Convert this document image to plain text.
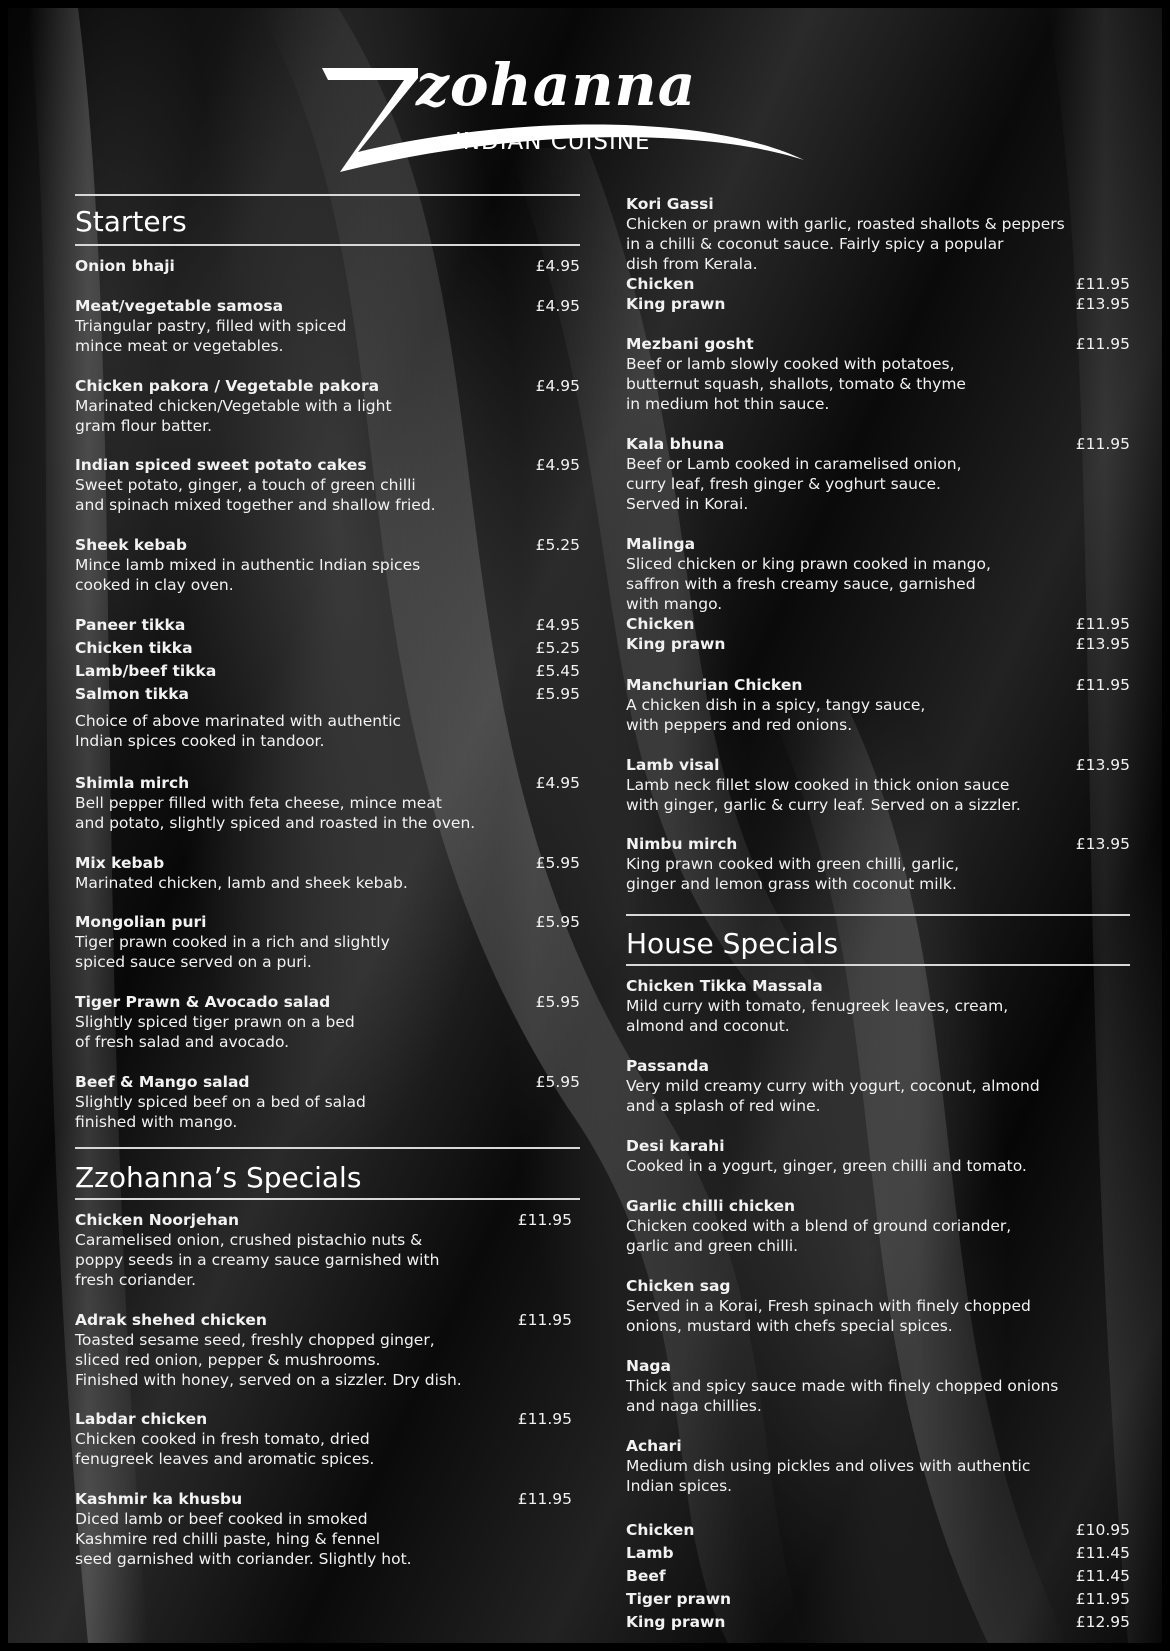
zohanna
INDIAN CUISINE
Starters
Onion bhaji	£4.95
Meat/vegetable samosa	£4.95
Triangular pastry, filled with spiced
mince meat or vegetables.
Chicken pakora / Vegetable pakora	£4.95
Marinated chicken/Vegetable with a light
gram flour batter.
Indian spiced sweet potato cakes	£4.95
Sweet potato, ginger, a touch of green chilli
and spinach mixed together and shallow fried.
Sheek kebab	£5.25
Mince lamb mixed in authentic Indian spices
cooked in clay oven.
Paneer tikka	£4.95
Chicken tikka	£5.25
Lamb/beef tikka	£5.45
Salmon tikka	£5.95
Choice of above marinated with authentic
Indian spices cooked in tandoor.
Shimla mirch	£4.95
Bell pepper filled with feta cheese, mince meat
and potato, slightly spiced and roasted in the oven.
Mix kebab	£5.95
Marinated chicken, lamb and sheek kebab.
Mongolian puri	£5.95
Tiger prawn cooked in a rich and slightly
spiced sauce served on a puri.
Tiger Prawn & Avocado salad	£5.95
Slightly spiced tiger prawn on a bed
of fresh salad and avocado.
Beef & Mango salad	£5.95
Slightly spiced beef on a bed of salad
finished with mango.
Zzohanna’s Specials
Chicken Noorjehan	£11.95
Caramelised onion, crushed pistachio nuts &
poppy seeds in a creamy sauce garnished with
fresh coriander.
Adrak shehed chicken	£11.95
Toasted sesame seed, freshly chopped ginger,
sliced red onion, pepper & mushrooms.
Finished with honey, served on a sizzler. Dry dish.
Labdar chicken	£11.95
Chicken cooked in fresh tomato, dried
fenugreek leaves and aromatic spices.
Kashmir ka khusbu	£11.95
Diced lamb or beef cooked in smoked
Kashmire red chilli paste, hing & fennel
seed garnished with coriander. Slightly hot.
Kori Gassi
Chicken or prawn with garlic, roasted shallots & peppers
in a chilli & coconut sauce. Fairly spicy a popular
dish from Kerala.
Chicken	£11.95
King prawn	£13.95
Mezbani gosht	£11.95
Beef or lamb slowly cooked with potatoes,
butternut squash, shallots, tomato & thyme
in medium hot thin sauce.
Kala bhuna	£11.95
Beef or Lamb cooked in caramelised onion,
curry leaf, fresh ginger & yoghurt sauce.
Served in Korai.
Malinga
Sliced chicken or king prawn cooked in mango,
saffron with a fresh creamy sauce, garnished
with mango.
Chicken	£11.95
King prawn	£13.95
Manchurian Chicken	£11.95
A chicken dish in a spicy, tangy sauce,
with peppers and red onions.
Lamb visal	£13.95
Lamb neck fillet slow cooked in thick onion sauce
with ginger, garlic & curry leaf. Served on a sizzler.
Nimbu mirch	£13.95
King prawn cooked with green chilli, garlic,
ginger and lemon grass with coconut milk.
House Specials
Chicken Tikka Massala
Mild curry with tomato, fenugreek leaves, cream,
almond and coconut.
Passanda
Very mild creamy curry with yogurt, coconut, almond
and a splash of red wine.
Desi karahi
Cooked in a yogurt, ginger, green chilli and tomato.
Garlic chilli chicken
Chicken cooked with a blend of ground coriander,
garlic and green chilli.
Chicken sag
Served in a Korai, Fresh spinach with finely chopped
onions, mustard with chefs special spices.
Naga
Thick and spicy sauce made with finely chopped onions
and naga chillies.
Achari
Medium dish using pickles and olives with authentic
Indian spices.
Chicken	£10.95
Lamb	£11.45
Beef	£11.45
Tiger prawn	£11.95
King prawn	£12.95
